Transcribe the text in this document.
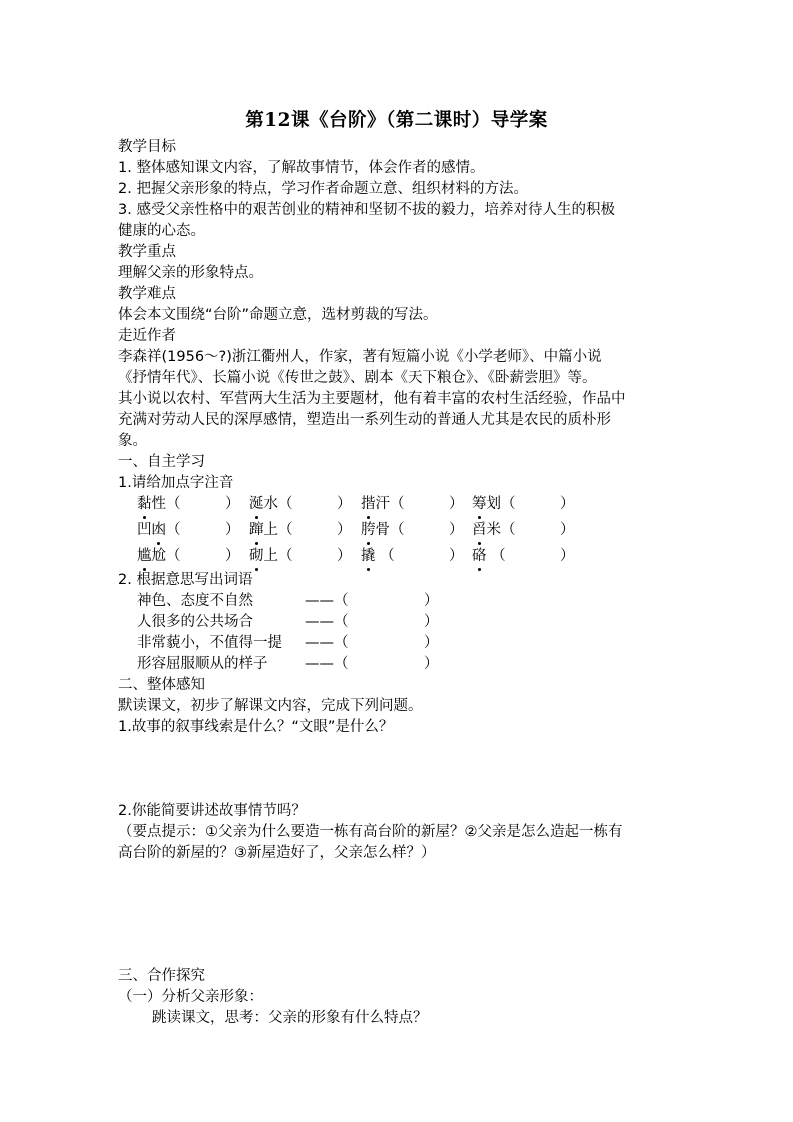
第12课《台阶》（第二课时）导学案
教学目标
1. 整体感知课文内容，了解故事情节，体会作者的感情。
2. 把握父亲形象的特点，学习作者命题立意、组织材料的方法。
3. 感受父亲性格中的艰苦创业的精神和坚韧不拔的毅力，培养对待人生的积极
健康的心态。
教学重点
理解父亲的形象特点。
教学难点
体会本文围绕“台阶”命题立意，选材剪裁的写法。
走近作者
李森祥(1956～?)浙江衢州人，作家，著有短篇小说《小学老师》、中篇小说
《抒情年代》、长篇小说《传世之鼓》、剧本《天下粮仓》、《卧薪尝胆》等。
其小说以农村、军营两大生活为主要题材，他有着丰富的农村生活经验，作品中
充满对劳动人民的深厚感情，塑造出一系列生动的普通人尤其是农民的质朴形
象。
一、自主学习
1.请给加点字注音
黏性（	） 涎水（	） 揩汗（	） 筹划（	）
凹凼（	） 蹿上（	） 胯骨（	） 舀米（	）
尴尬（	） 砌上（	） 撬 （	） 硌 （	）
2. 根据意思写出词语
神色、态度不自然	——（	）
人很多的公共场合	——（	）
非常藐小，不值得一提 ——（	）
形容屈服顺从的样子	——（	）
二、整体感知
默读课文，初步了解课文内容，完成下列问题。
1.故事的叙事线索是什么？“文眼”是什么？
2.你能简要讲述故事情节吗？
（要点提示：①父亲为什么要造一栋有高台阶的新屋？②父亲是怎么造起一栋有
高台阶的新屋的？③新屋造好了，父亲怎么样？）
三、合作探究
（一）分析父亲形象：
跳读课文，思考：父亲的形象有什么特点？
